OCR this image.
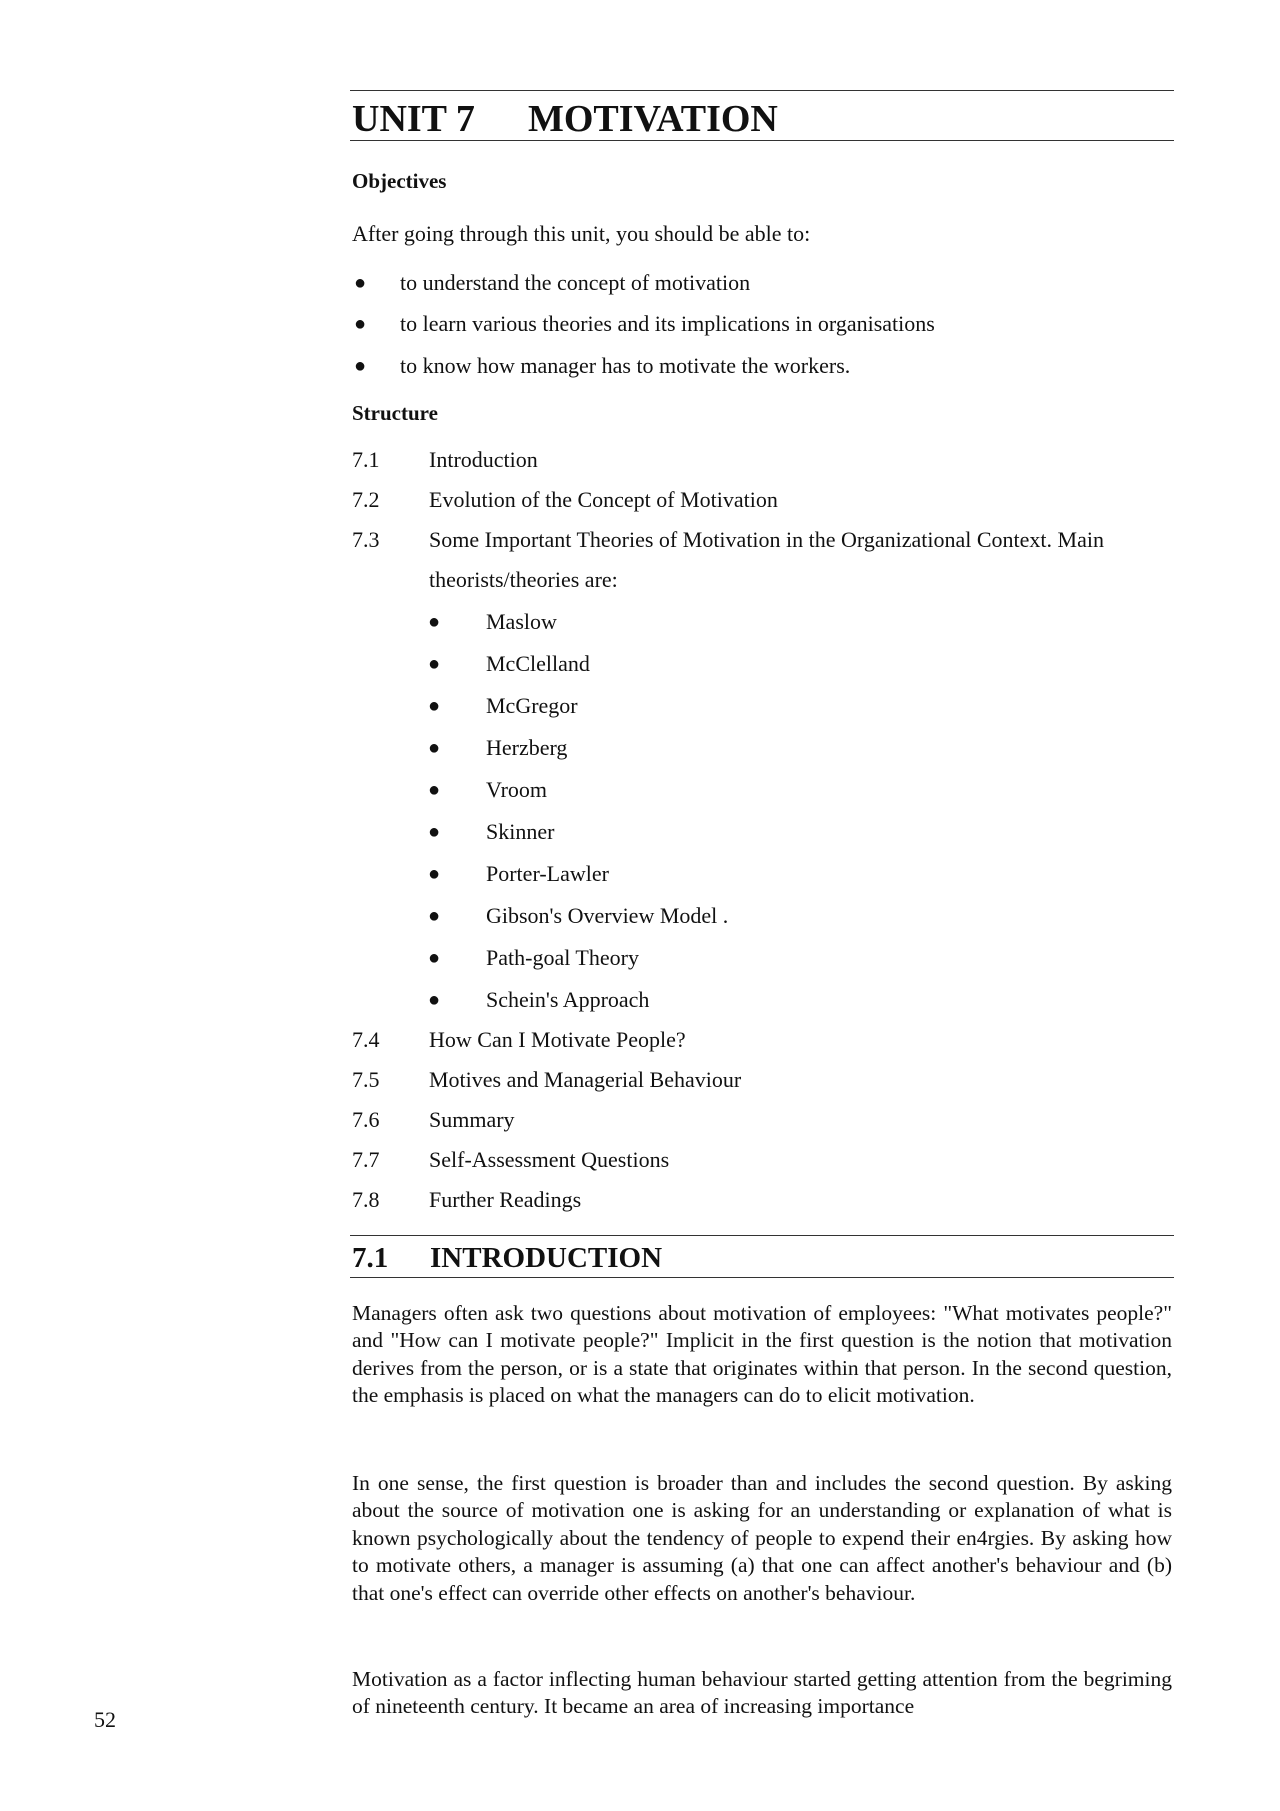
UNIT 7 MOTIVATION
Objectives
After going through this unit, you should be able to:
● to understand the concept of motivation
● to learn various theories and its implications in organisations
● to know how manager has to motivate the workers.
Structure
7.1 Introduction
7.2 Evolution of the Concept of Motivation
7.3 Some Important Theories of Motivation in the Organizational Context. Main
theorists/theories are:
● Maslow
● McClelland
● McGregor
● Herzberg
● Vroom
● Skinner
● Porter-Lawler
● Gibson's Overview Model .
● Path-goal Theory
● Schein's Approach
7.4 How Can I Motivate People?
7.5 Motives and Managerial Behaviour
7.6 Summary
7.7 Self-Assessment Questions
7.8 Further Readings
7.1 INTRODUCTION

Managers often ask two questions about motivation of employees: "What motivates people?" and "How can I motivate people?" Implicit in the first question is the notion that motivation derives from the person, or is a state that originates within that person. In the second question, the emphasis is placed on what the managers can do to elicit motivation.

In one sense, the first question is broader than and includes the second question. By asking about the source of motivation one is asking for an understanding or explanation of what is known psychologically about the tendency of people to expend their en4rgies. By asking how to motivate others, a manager is assuming (a) that one can affect another's behaviour and (b) that one's effect can override other effects on another's behaviour.

Motivation as a factor inflecting human behaviour started getting attention from the begriming of nineteenth century. It became an area of increasing importance

52
